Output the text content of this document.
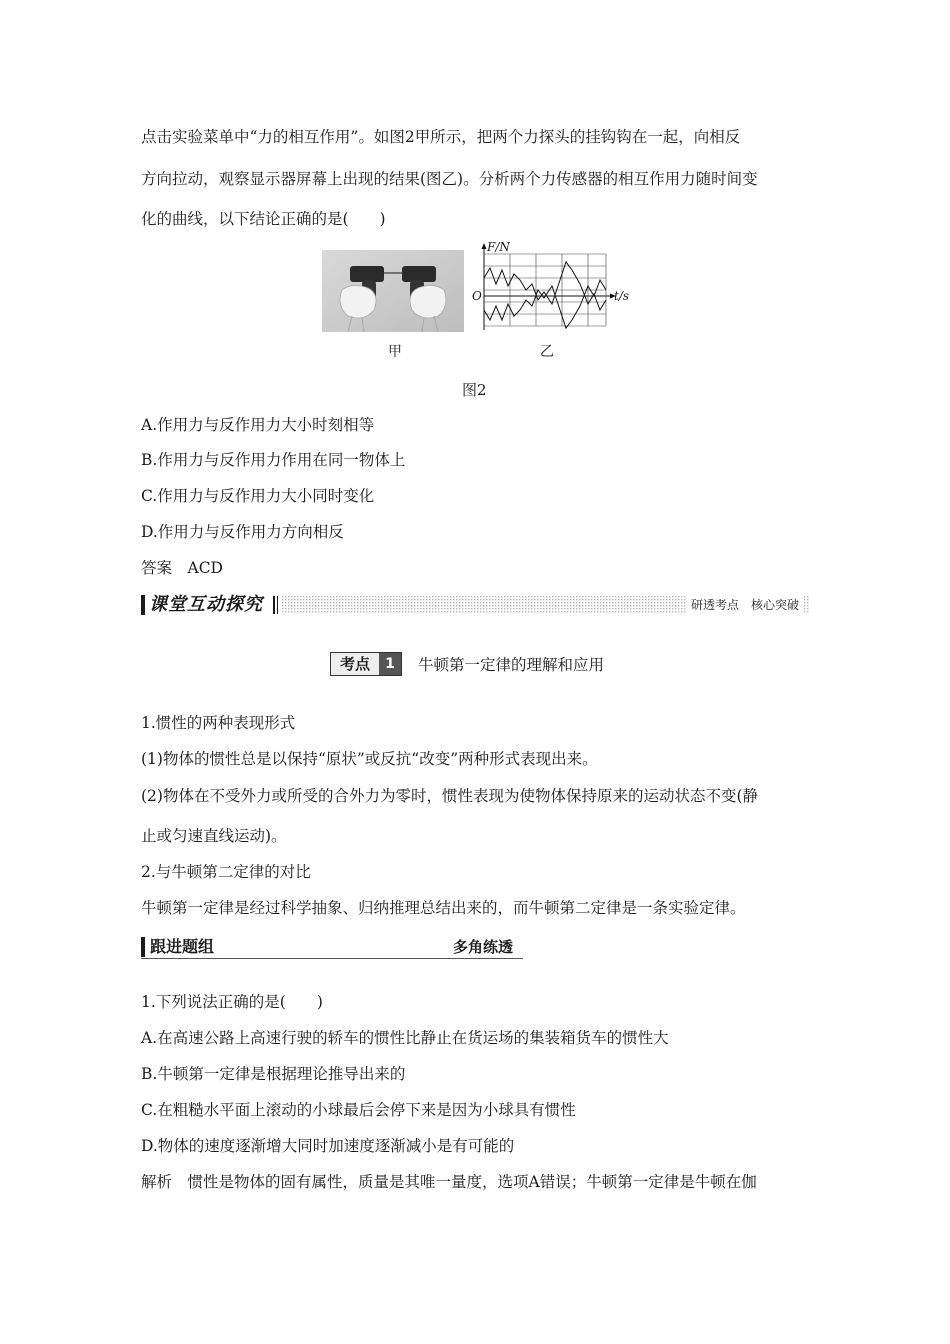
点击实验菜单中“力的相互作用”。如图2甲所示，把两个力探头的挂钩钩在一起，向相反
方向拉动，观察显示器屏幕上出现的结果(图乙)。分析两个力传感器的相互作用力随时间变
化的曲线，以下结论正确的是(　　)
甲
F/N
t/s
O
乙
图2
A.作用力与反作用力大小时刻相等
B.作用力与反作用力作用在同一物体上
C.作用力与反作用力大小同时变化
D.作用力与反作用力方向相反
答案　ACD
课堂互动探究	研透考点　核心突破
考点	1	牛顿第一定律的理解和应用
1.惯性的两种表现形式
(1)物体的惯性总是以保持“原状”或反抗“改变”两种形式表现出来。
(2)物体在不受外力或所受的合外力为零时，惯性表现为使物体保持原来的运动状态不变(静
止或匀速直线运动)。
2.与牛顿第二定律的对比
牛顿第一定律是经过科学抽象、归纳推理总结出来的，而牛顿第二定律是一条实验定律。
跟进题组	多角练透
1.下列说法正确的是(　　)
A.在高速公路上高速行驶的轿车的惯性比静止在货运场的集装箱货车的惯性大
B.牛顿第一定律是根据理论推导出来的
C.在粗糙水平面上滚动的小球最后会停下来是因为小球具有惯性
D.物体的速度逐渐增大同时加速度逐渐减小是有可能的
解析　惯性是物体的固有属性，质量是其唯一量度，选项A错误；牛顿第一定律是牛顿在伽
